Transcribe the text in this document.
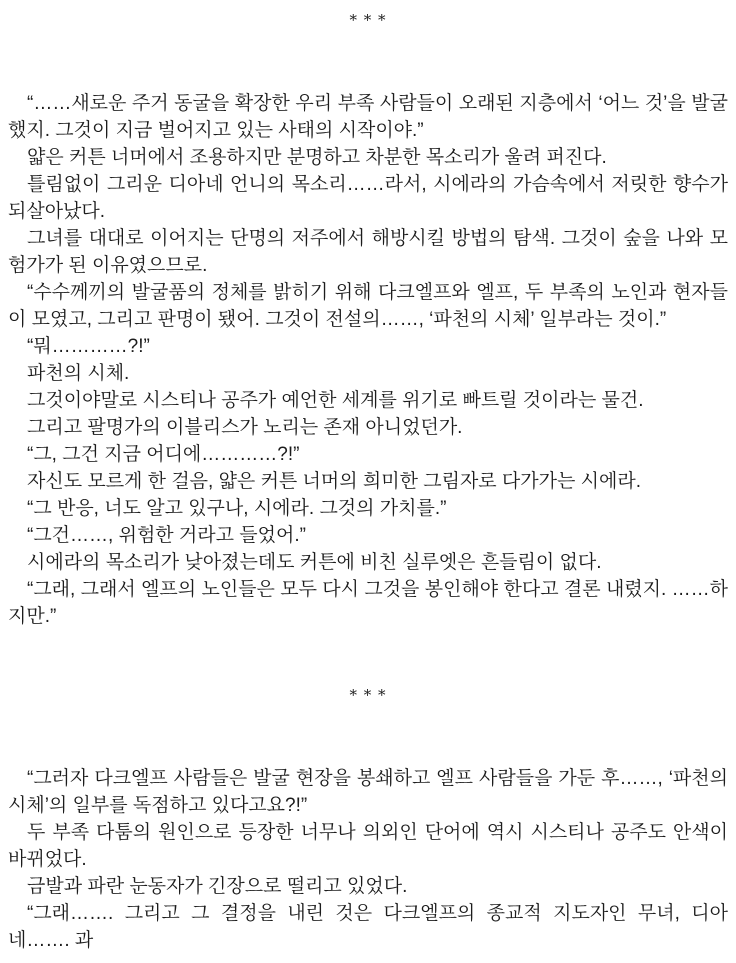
* * *

“……새로운 주거 동굴을 확장한 우리 부족 사람들이 오래된 지층에서 ‘어느 것’을 발굴했지. 그것이 지금 벌어지고 있는 사태의 시작이야.”

얇은 커튼 너머에서 조용하지만 분명하고 차분한 목소리가 울려 퍼진다.

틀림없이 그리운 디아네 언니의 목소리……라서, 시에라의 가슴속에서 저릿한 향수가 되살아났다.

그녀를 대대로 이어지는 단명의 저주에서 해방시킬 방법의 탐색. 그것이 숲을 나와 모험가가 된 이유였으므로.

“수수께끼의 발굴품의 정체를 밝히기 위해 다크엘프와 엘프, 두 부족의 노인과 현자들이 모였고, 그리고 판명이 됐어. 그것이 전설의……, ‘파천의 시체’ 일부라는 것이.”

“뭐…………?!”

파천의 시체.

그것이야말로 시스티나 공주가 예언한 세계를 위기로 빠트릴 것이라는 물건.

그리고 팔명가의 이블리스가 노리는 존재 아니었던가.

“그, 그건 지금 어디에…………?!”

자신도 모르게 한 걸음, 얇은 커튼 너머의 희미한 그림자로 다가가는 시에라.

“그 반응, 너도 알고 있구나, 시에라. 그것의 가치를.”

“그건……, 위험한 거라고 들었어.”

시에라의 목소리가 낮아졌는데도 커튼에 비친 실루엣은 흔들림이 없다.

“그래, 그래서 엘프의 노인들은 모두 다시 그것을 봉인해야 한다고 결론 내렸지. ……하지만.”

* * *

“그러자 다크엘프 사람들은 발굴 현장을 봉쇄하고 엘프 사람들을 가둔 후……, ‘파천의 시체’의 일부를 독점하고 있다고요?!”

두 부족 다툼의 원인으로 등장한 너무나 의외인 단어에 역시 시스티나 공주도 안색이 바뀌었다.

금발과 파란 눈동자가 긴장으로 떨리고 있었다.

“그래……. 그리고 그 결정을 내린 것은 다크엘프의 종교적 지도자인 무녀, 디아네……. 과
